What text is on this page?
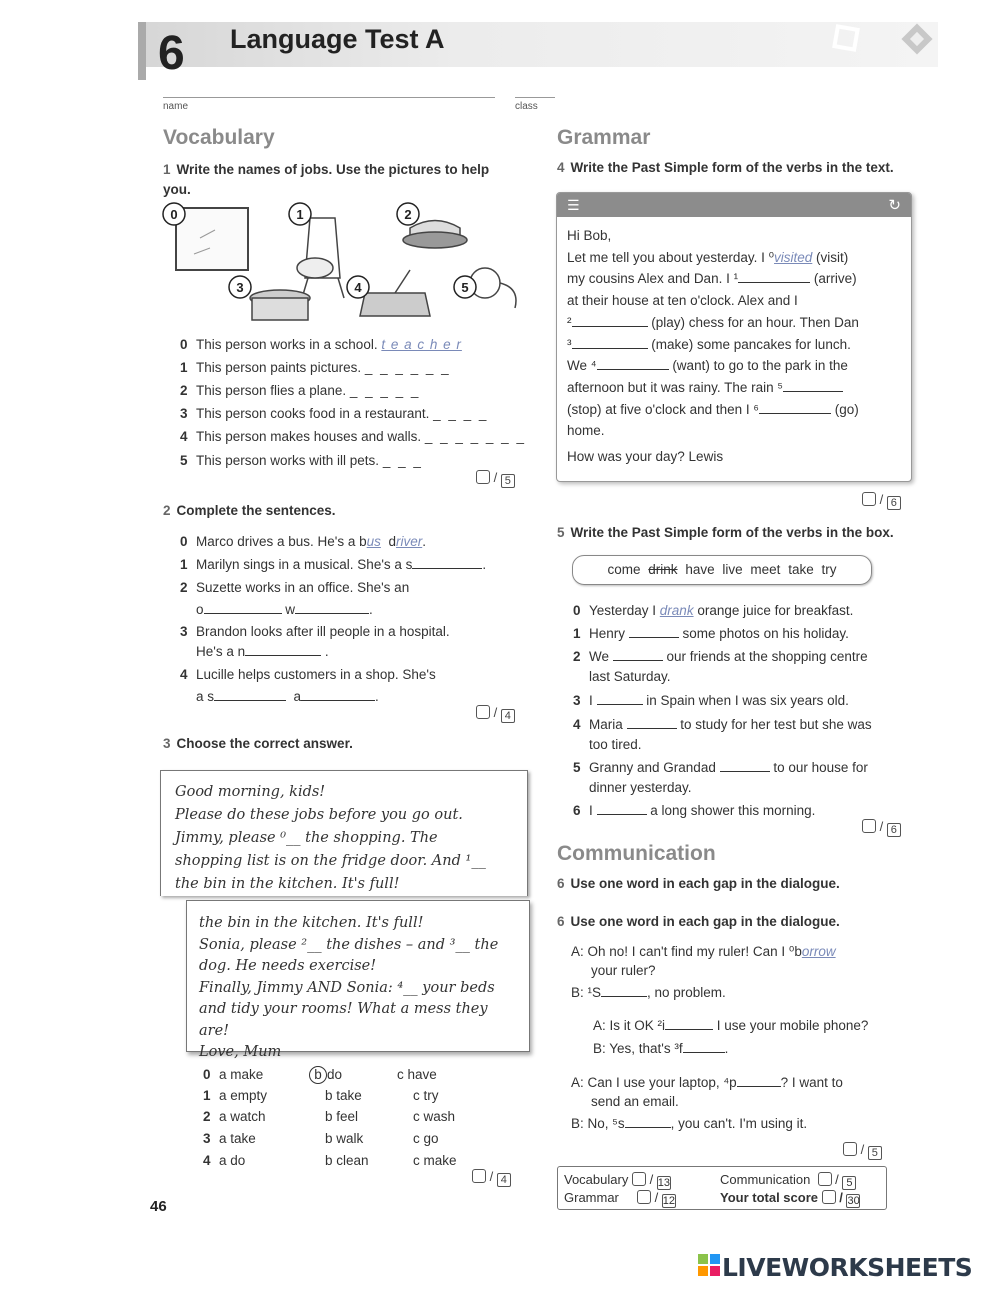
6 Language Test A
name	class
Vocabulary
1 Write the names of jobs. Use the pictures to help you.
0	1	2
3	4	5
0 This person works in a school. t e a c h e r
1 This person paints pictures. _ _ _ _ _ _
2 This person flies a plane. _ _ _ _ _
3 This person cooks food in a restaurant. _ _ _ _
4 This person makes houses and walls. _ _ _ _ _ _ _
5 This person works with ill pets. _ _ _
/ 5
2 Complete the sentences.
0 Marco drives a bus. He's a bus driver.
1 Marilyn sings in a musical. She's a s	.
2 Suzette works in an office. She's an
o	w	.
3 Brandon looks after ill people in a hospital.
He's a n	.
4 Lucille helps customers in a shop. She's
a s	a	.
/ 4
3 Choose the correct answer.
Good morning, kids!
Please do these jobs before you go out.
Jimmy, please ⁰__ the shopping. The
shopping list is on the fridge door. And ¹__
the bin in the kitchen. It's full!
the bin in the kitchen. It's full!
Sonia, please ²__ the dishes – and ³__ the
dog. He needs exercise!
Finally, Jimmy AND Sonia: ⁴__ your beds
and tidy your rooms! What a mess they are!
Love, Mum
0 a make	b do	c have
1 a empty	b take	c try
2 a watch	b feel	c wash
3 a take	b walk	c go
4 a do	b clean	c make
/ 4
46
Grammar
4 Write the Past Simple form of the verbs in the text.
☰	↻
Hi Bob,
Let me tell you about yesterday. I ⁰visited (visit)
my cousins Alex and Dan. I ¹	(arrive)
at their house at ten o'clock. Alex and I
²	(play) chess for an hour. Then Dan
³	(make) some pancakes for lunch.
We ⁴	(want) to go to the park in the
afternoon but it was rainy. The rain ⁵
(stop) at five o'clock and then I ⁶	(go)
home.
How was your day? Lewis
/ 6
5 Write the Past Simple form of the verbs in the box.
come drink have live meet take try
0 Yesterday I drank orange juice for breakfast.
1 Henry	some photos on his holiday.
2 We	our friends at the shopping centre
last Saturday.
3 I	in Spain when I was six years old.
4 Maria	to study for her test but she was
too tired.
5 Granny and Grandad	to our house for
dinner yesterday.
6 I	a long shower this morning.
/ 6
Communication
6 Use one word in each gap in the dialogue.
6 Use one word in each gap in the dialogue.
A: Oh no! I can't find my ruler! Can I ⁰borrow
your ruler?
B: ¹S	, no problem.
A: Is it OK ²i	I use your mobile phone?
B: Yes, that's ³f	.
A: Can I use your laptop, ⁴p	? I want to
send an email.
B: No, ⁵s	, you can't. I'm using it.
/ 5
Vocabulary  / 13
Grammar      / 12
Communication   / 5
Your total score  / 30
LIVEWORKSHEETS
